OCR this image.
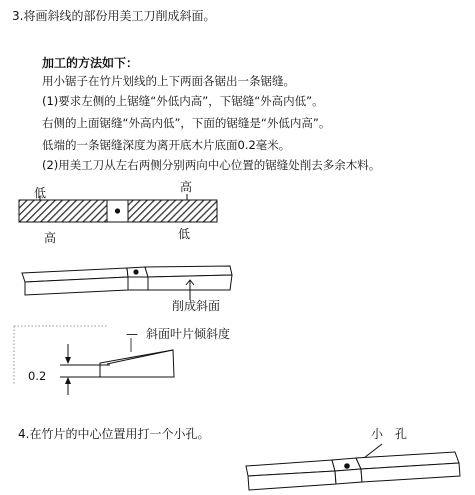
3.将画斜线的部份用美工刀削成斜面。
加工的方法如下：
用小锯子在竹片划线的上下两面各锯出一条锯缝。
(1)要求左侧的上锯缝“外低内高”，下锯缝“外高内低”。
右侧的上面锯缝“外高内低”，下面的锯缝是“外低内高”。
低端的一条锯缝深度为离开底木片底面0.2毫米。
(2)用美工刀从左右两侧分别两向中心位置的锯缝处削去多余木料。
低	高
高	低
削成斜面
— 斜面叶片倾斜度
0.2
4.在竹片的中心位置用打一个小孔。	小　孔
